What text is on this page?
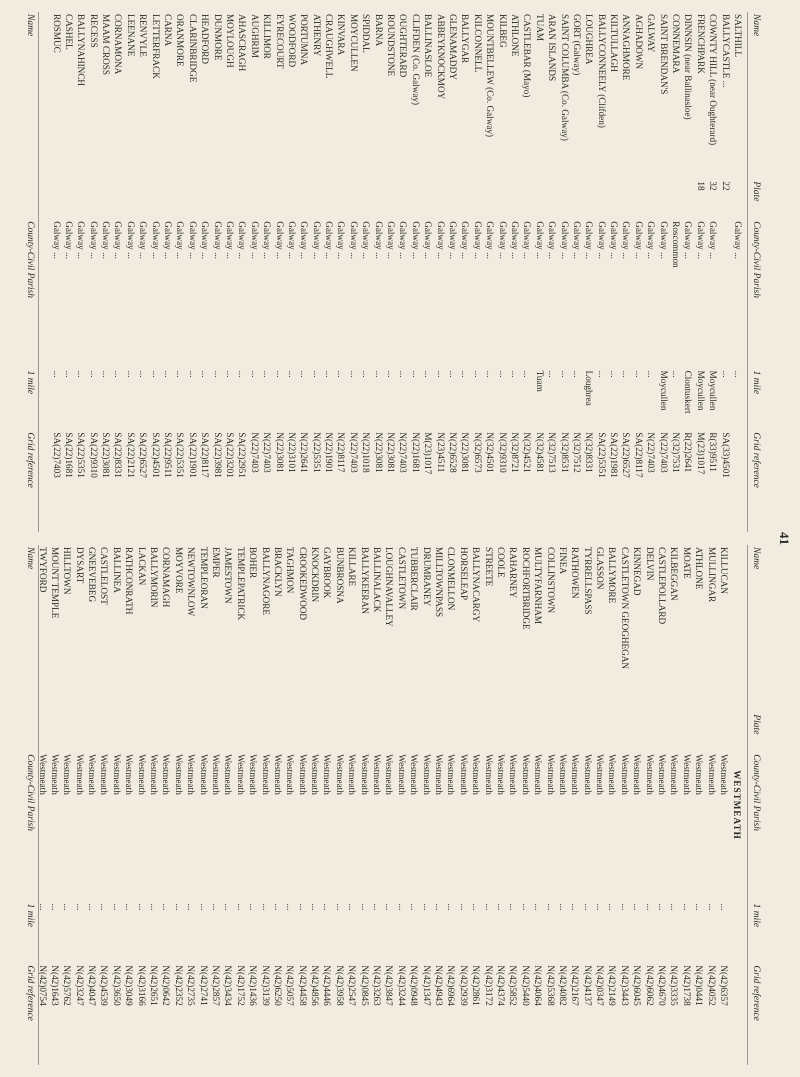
41
Name
Plate
County-Civil Parish
1 mile
Grid reference
SALTHILL
Galway ...
...
BALLYCASTLE ...
22
...
SA(33)4501
COWNTY HILL (near Oughterard)
32
Galway ...
Moycullen
R(33)9511
FRENCHPARK
18
Galway ...
Moycullen
M(23)1017
DINNSIN (near Ballinasloe)
Galway ...
Clontuskert
R(22)2641
CONNEMARA
Roscommon
...
N(32)7531
SAINT BRENDAN'S
Galway ...
Moycullen
N(22)7403
GALWAY
Galway ...
...
N(22)7403
AGHADOWN
Galway ...
...
SA(22)8117
ANNAGHMORE
Galway ...
...
SA(22)6527
KILTULLAGH
Galway ...
...
SA(22)1981
BALLYCONNEELY (Clifden)
Galway ...
...
SA(22)5351
LOUGHREA
Galway ...
Loughrea
N(32)8331
GORT (Galway)
Galway ...
...
N(32)7512
SAINT COLUMBA (Co. Galway)
Galway ...
...
N(32)8531
ARAN ISLANDS
Galway ...
...
N(32)7513
TUAM
Galway ...
Tuam
N(32)4581
CASTLEBAR (Mayo)
Galway ...
...
N(32)4521
ATHLONE
Galway ...
...
N(32)8721
KILBEG
Galway ...
...
N(32)9310
MOUNTBELLEW (Co. Galway)
Galway ...
...
N(32)4501
KILCONNELL
Galway ...
...
N(32)6573
BALLYGAR
Galway ...
...
N(22)3081
GLENAMADDY
Galway ...
...
N(22)6528
ABBEYKNOCKMOY
Galway ...
...
N(23)4511
BALLINASLOE
Galway ...
...
M(23)1017
CLIFDEN (Co. Galway)
Galway ...
...
N(22)1681
OUGHTERARD
Galway ...
...
N(22)7403
ROUNDSTONE
Galway ...
...
N(22)3081
BARNA
Galway ...
...
N(22)3081
SPIDDAL
Galway ...
...
N(22)1018
MOYCULLEN
Galway ...
...
N(22)7403
KINVARA
Galway ...
...
N(22)8117
CRAUGHWELL
Galway ...
...
N(22)1901
ATHENRY
Galway ...
...
N(22)5351
PORTUMNA
Galway ...
...
N(22)2641
WOODFORD
Galway ...
...
N(22)3101
EYRECOURT
Galway ...
...
N(22)3081
KILLIMOR
Galway ...
...
N(22)7403
AUGHRIM
Galway ...
...
N(22)7403
AHASCRAGH
Galway ...
...
SA(22)2951
MOYLOUGH
Galway ...
...
SA(22)3201
DUNMORE
Galway ...
...
SA(22)3981
HEADFORD
Galway ...
...
SA(22)8117
CLARINBRIDGE
Galway ...
...
SA(22)1901
ORANMORE
Galway ...
...
SA(22)5351
CARNA
Galway ...
...
SA(22)9511
LETTERFRACK
Galway ...
...
SA(22)4501
RENVYLE
Galway ...
...
SA(22)6527
LEENANE
Galway ...
...
SA(22)2121
CORNAMONA
Galway ...
...
SA(22)8331
MAAM CROSS
Galway ...
...
SA(22)3081
RECESS
Galway ...
...
SA(22)9310
BALLYNAHINCH
Galway ...
...
SA(22)5351
CASHEL
Galway ...
...
SA(22)1681
ROSMUC
Galway ...
...
SA(22)7403
Name
County-Civil Parish
1 mile
Grid reference
Name
Plate
County-Civil Parish
1 mile
Grid reference
WESTMEATH
KILLUCAN
Westmeath
...
N(42)6357
MULLINGAR
Westmeath
...
N(42)4052
ATHLONE
Westmeath
...
N(42)0441
MOATE
Westmeath
...
N(42)1738
KILBEGGAN
Westmeath
...
N(42)3335
CASTLEPOLLARD
Westmeath
...
N(42)4670
DELVIN
Westmeath
...
N(42)6062
KINNEGAD
Westmeath
...
N(42)6045
CASTLETOWN GEOGHEGAN
Westmeath
...
N(42)3443
BALLYMORE
Westmeath
...
N(42)2149
GLASSON
Westmeath
...
N(42)0347
TYRRELLSPASS
Westmeath
...
N(42)4137
RATHOWEN
Westmeath
...
N(42)2167
FINEA
Westmeath
...
N(42)4082
COLLINSTOWN
Westmeath
...
N(42)5368
MULTYFARNHAM
Westmeath
...
N(42)4064
ROCHFORTBRIDGE
Westmeath
...
N(42)5440
RAHARNEY
Westmeath
...
N(42)5852
COOLE
Westmeath
...
N(42)4374
STREETE
Westmeath
...
N(42)3172
BALLYNACARGY
Westmeath
...
N(42)2861
HORSELEAP
Westmeath
...
N(42)2939
CLONMELLON
Westmeath
...
N(42)6964
MILLTOWNPASS
Westmeath
...
N(42)4943
DRUMRANEY
Westmeath
...
N(42)1347
TUBBERCLAIR
Westmeath
...
N(42)0948
CASTLETOWN
Westmeath
...
N(42)3244
LOUGHNAVALLEY
Westmeath
...
N(42)3847
BALLINALACK
Westmeath
...
N(42)3263
BALLYKEERAN
Westmeath
...
N(42)0845
KILLARE
Westmeath
...
N(42)2547
BUNBROSNA
Westmeath
...
N(42)3958
GAYBROOK
Westmeath
...
N(42)4446
KNOCKDRIN
Westmeath
...
N(42)4856
CROOKEDWOOD
Westmeath
...
N(42)4458
TAGHMON
Westmeath
...
N(42)5057
BRACKLYN
Westmeath
...
N(42)6250
BALLYNAGORE
Westmeath
...
N(42)3139
BOHER
Westmeath
...
N(42)1436
TEMPLEPATRICK
Westmeath
...
N(42)1752
JAMESTOWN
Westmeath
...
N(42)3434
EMPER
Westmeath
...
N(42)2857
TEMPLEORAN
Westmeath
...
N(42)2741
NEWTOWNLOW
Westmeath
...
N(42)2735
MOYVORE
Westmeath
...
N(42)2352
CORNAMAGH
Westmeath
...
N(42)0642
BALLYMORIN
Westmeath
...
N(42)2651
LACKAN
Westmeath
...
N(42)3166
RATHCONRATH
Westmeath
...
N(42)3049
BALLINEA
Westmeath
...
N(42)3650
CASTLELOST
Westmeath
...
N(42)4539
GNEEVEBEG
Westmeath
...
N(42)4047
DYSART
Westmeath
...
N(42)3247
HILLTOWN
Westmeath
...
N(42)5762
MOUNT TEMPLE
Westmeath
...
N(42)1643
TWYFORD
Westmeath
...
N(42)0754
Name
County-Civil Parish
1 mile
Grid reference
